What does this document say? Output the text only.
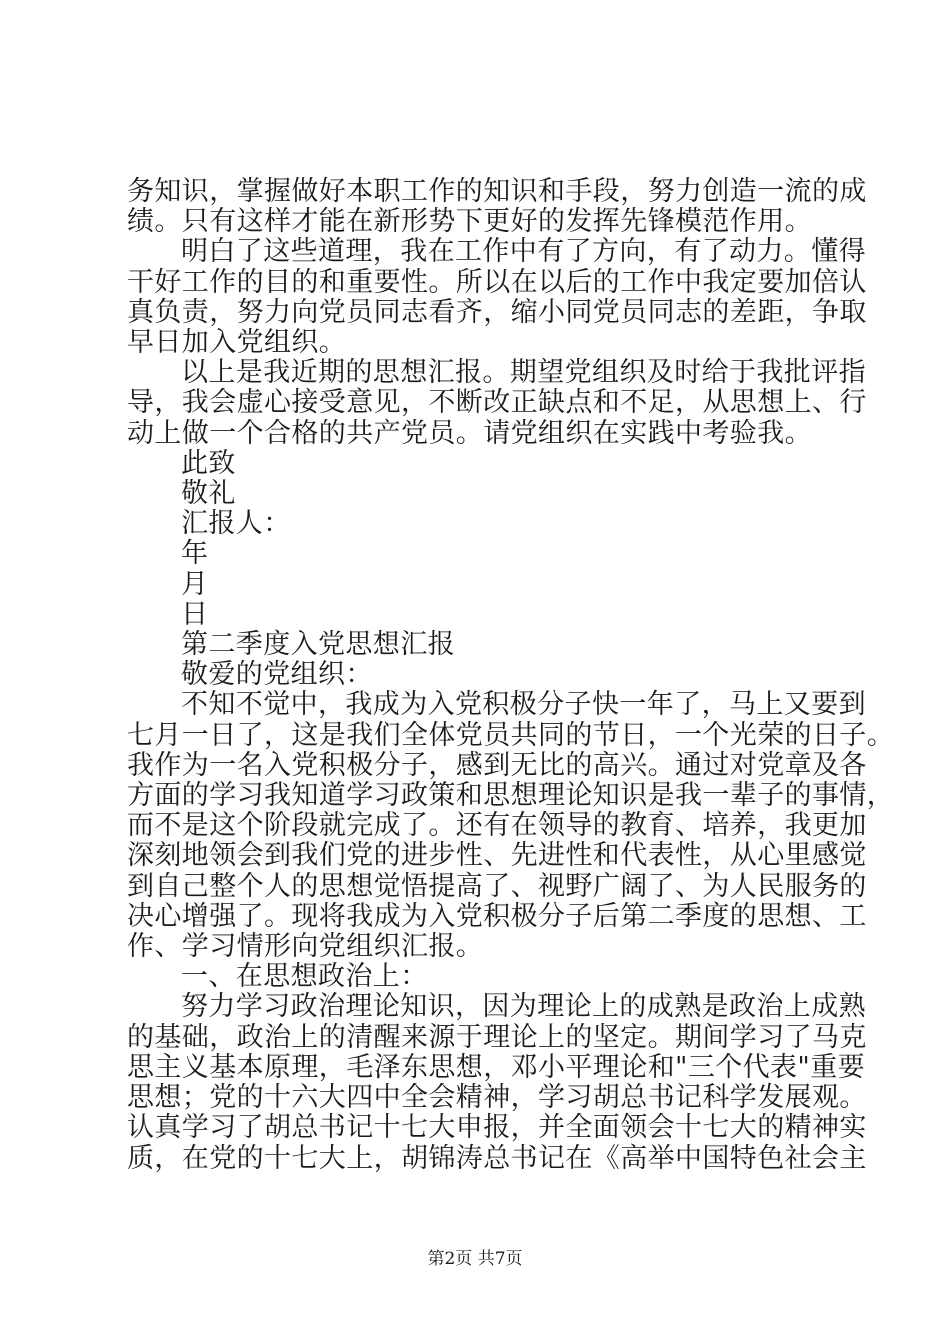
务知识，掌握做好本职工作的知识和手段，努力创造一流的成

绩。只有这样才能在新形势下更好的发挥先锋模范作用。

明白了这些道理，我在工作中有了方向，有了动力。懂得

干好工作的目的和重要性。所以在以后的工作中我定要加倍认

真负责，努力向党员同志看齐，缩小同党员同志的差距，争取

早日加入党组织。

以上是我近期的思想汇报。期望党组织及时给于我批评指

导，我会虚心接受意见，不断改正缺点和不足，从思想上、行

动上做一个合格的共产党员。请党组织在实践中考验我。

此致

敬礼

汇报人：

年

月

日

第二季度入党思想汇报

敬爱的党组织：

不知不觉中，我成为入党积极分子快一年了，马上又要到

七月一日了，这是我们全体党员共同的节日，一个光荣的日子。

我作为一名入党积极分子，感到无比的高兴。通过对党章及各

方面的学习我知道学习政策和思想理论知识是我一辈子的事情，

而不是这个阶段就完成了。还有在领导的教育、培养，我更加

深刻地领会到我们党的进步性、先进性和代表性，从心里感觉

到自己整个人的思想觉悟提高了、视野广阔了、为人民服务的

决心增强了。现将我成为入党积极分子后第二季度的思想、工

作、学习情形向党组织汇报。

一、在思想政治上：

努力学习政治理论知识，因为理论上的成熟是政治上成熟

的基础，政治上的清醒来源于理论上的坚定。期间学习了马克

思主义基本原理，毛泽东思想，邓小平理论和"三个代表"重要

思想；党的十六大四中全会精神，学习胡总书记科学发展观。

认真学习了胡总书记十七大申报，并全面领会十七大的精神实

质，在党的十七大上，胡锦涛总书记在《高举中国特色社会主

第2页 共7页
